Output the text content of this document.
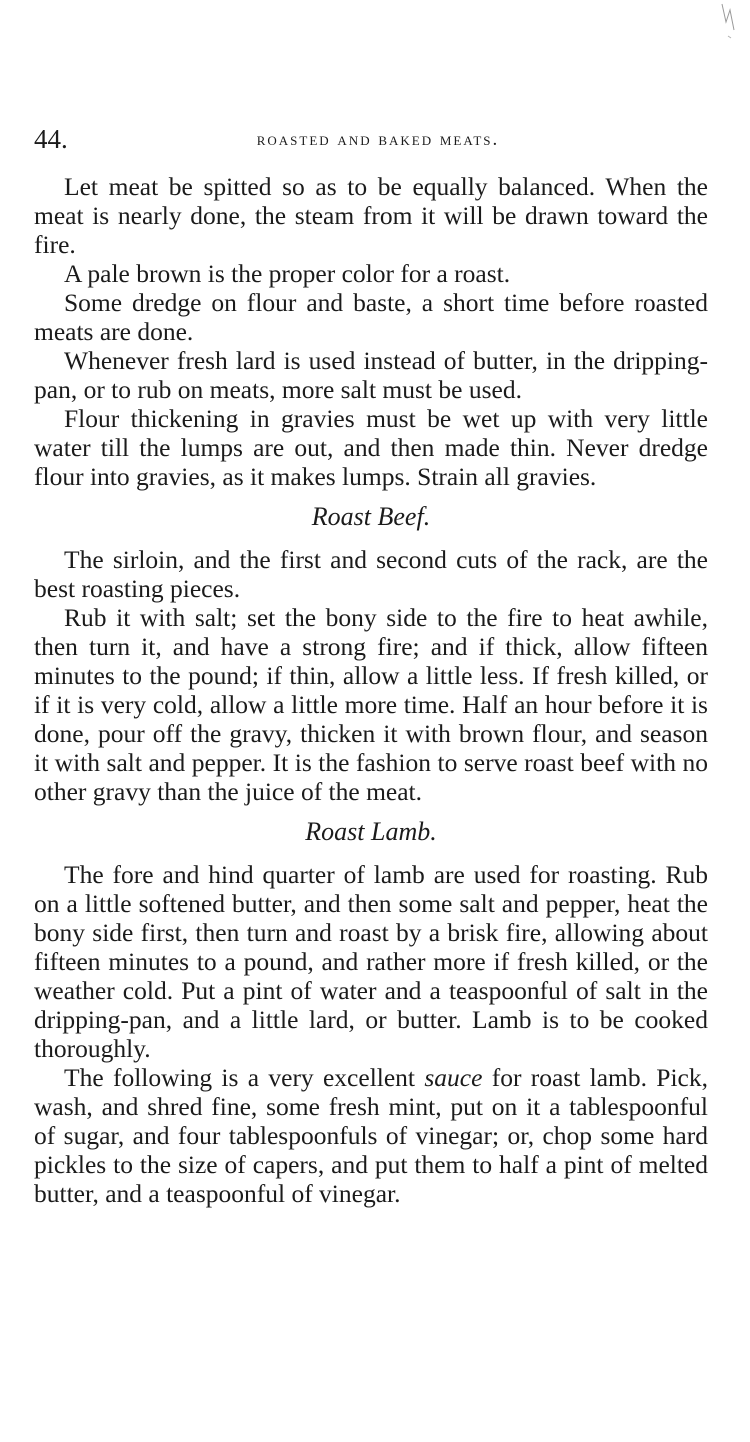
44.	roasted and baked meats.

Let meat be spitted so as to be equally balanced. When the meat is nearly done, the steam from it will be drawn toward the fire.

A pale brown is the proper color for a roast.

Some dredge on flour and baste, a short time before roasted meats are done.

Whenever fresh lard is used instead of butter, in the dripping-pan, or to rub on meats, more salt must be used.

Flour thickening in gravies must be wet up with very little water till the lumps are out, and then made thin. Never dredge flour into gravies, as it makes lumps. Strain all gravies.

Roast Beef.

The sirloin, and the first and second cuts of the rack, are the best roasting pieces.

Rub it with salt; set the bony side to the fire to heat awhile, then turn it, and have a strong fire; and if thick, allow fifteen minutes to the pound; if thin, allow a little less. If fresh killed, or if it is very cold, allow a little more time. Half an hour before it is done, pour off the gravy, thicken it with brown flour, and season it with salt and pepper. It is the fashion to serve roast beef with no other gravy than the juice of the meat.

Roast Lamb.

The fore and hind quarter of lamb are used for roasting. Rub on a little softened butter, and then some salt and pepper, heat the bony side first, then turn and roast by a brisk fire, allowing about fifteen minutes to a pound, and rather more if fresh killed, or the weather cold. Put a pint of water and a teaspoonful of salt in the dripping-pan, and a little lard, or butter. Lamb is to be cooked thoroughly.

The following is a very excellent sauce for roast lamb. Pick, wash, and shred fine, some fresh mint, put on it a tablespoonful of sugar, and four tablespoonfuls of vinegar; or, chop some hard pickles to the size of capers, and put them to half a pint of melted butter, and a teaspoonful of vinegar.
